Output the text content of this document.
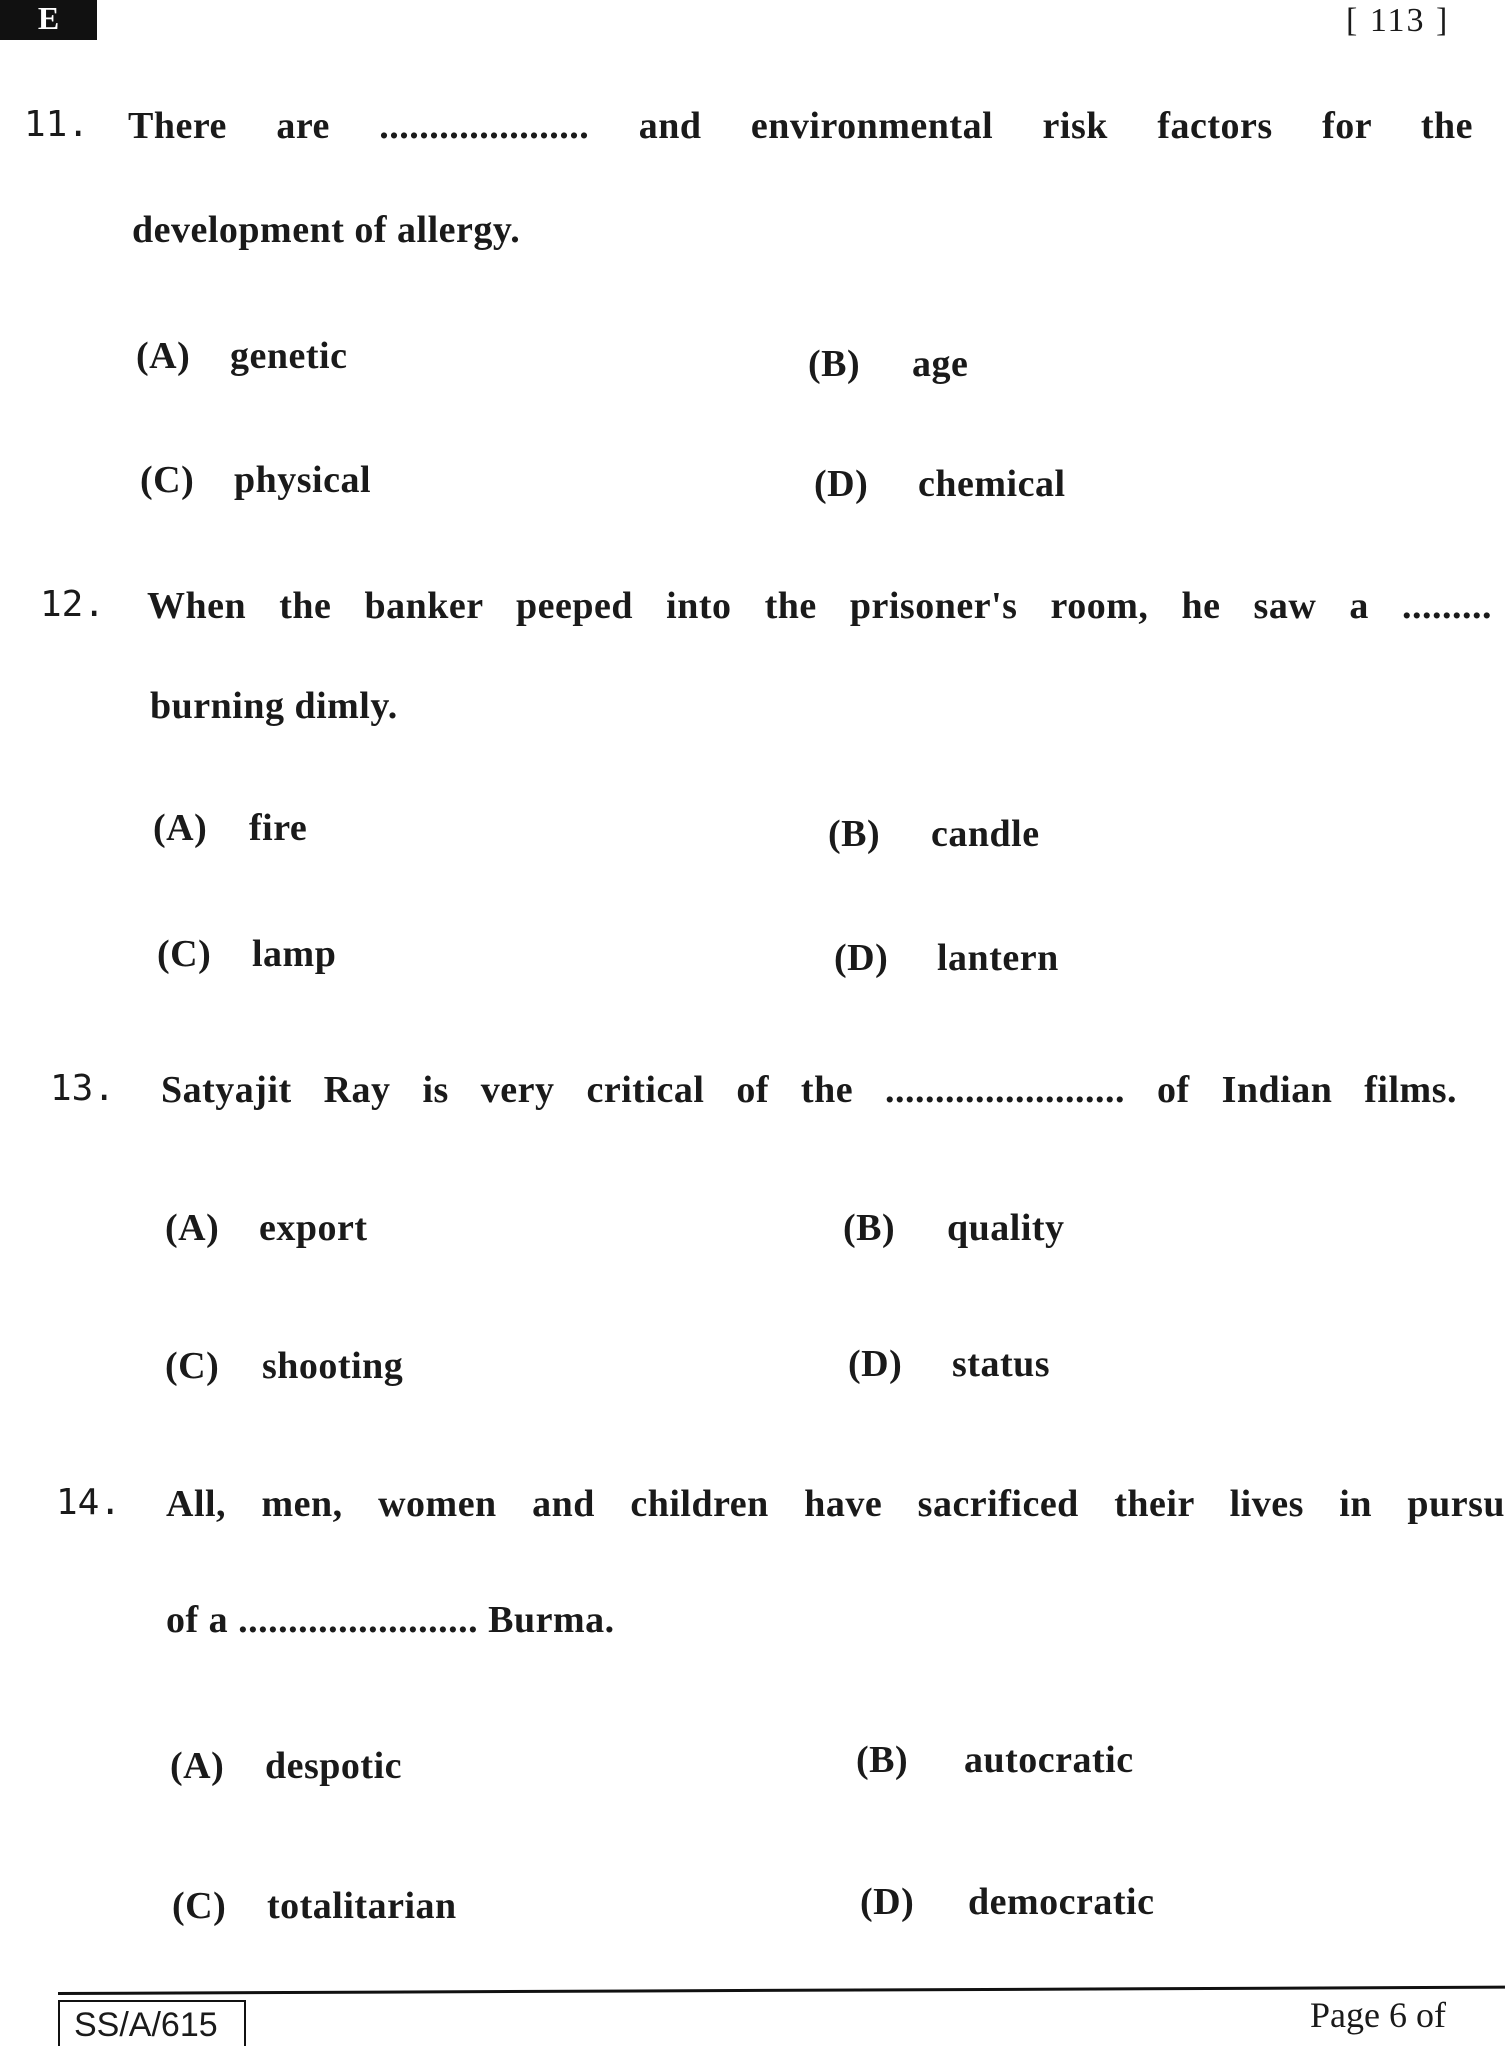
E	[ 113 ]
11. There are ..................... and environmental risk factors for the
development of allergy.
(A) genetic	(B) age
(C) physical	(D) chemical
12. When the banker peeped into the prisoner's room, he saw a .........
burning dimly.
(A) fire	(B) candle
(C) lamp	(D) lantern
13. Satyajit Ray is very critical of the ........................ of Indian films.
(A) export	(B) quality
(C) shooting	(D) status
14. All, men, women and children have sacrificed their lives in pursu
of a ........................ Burma.
(A) despotic	(B) autocratic
(C) totalitarian	(D) democratic
SS/A/615	Page 6 of
